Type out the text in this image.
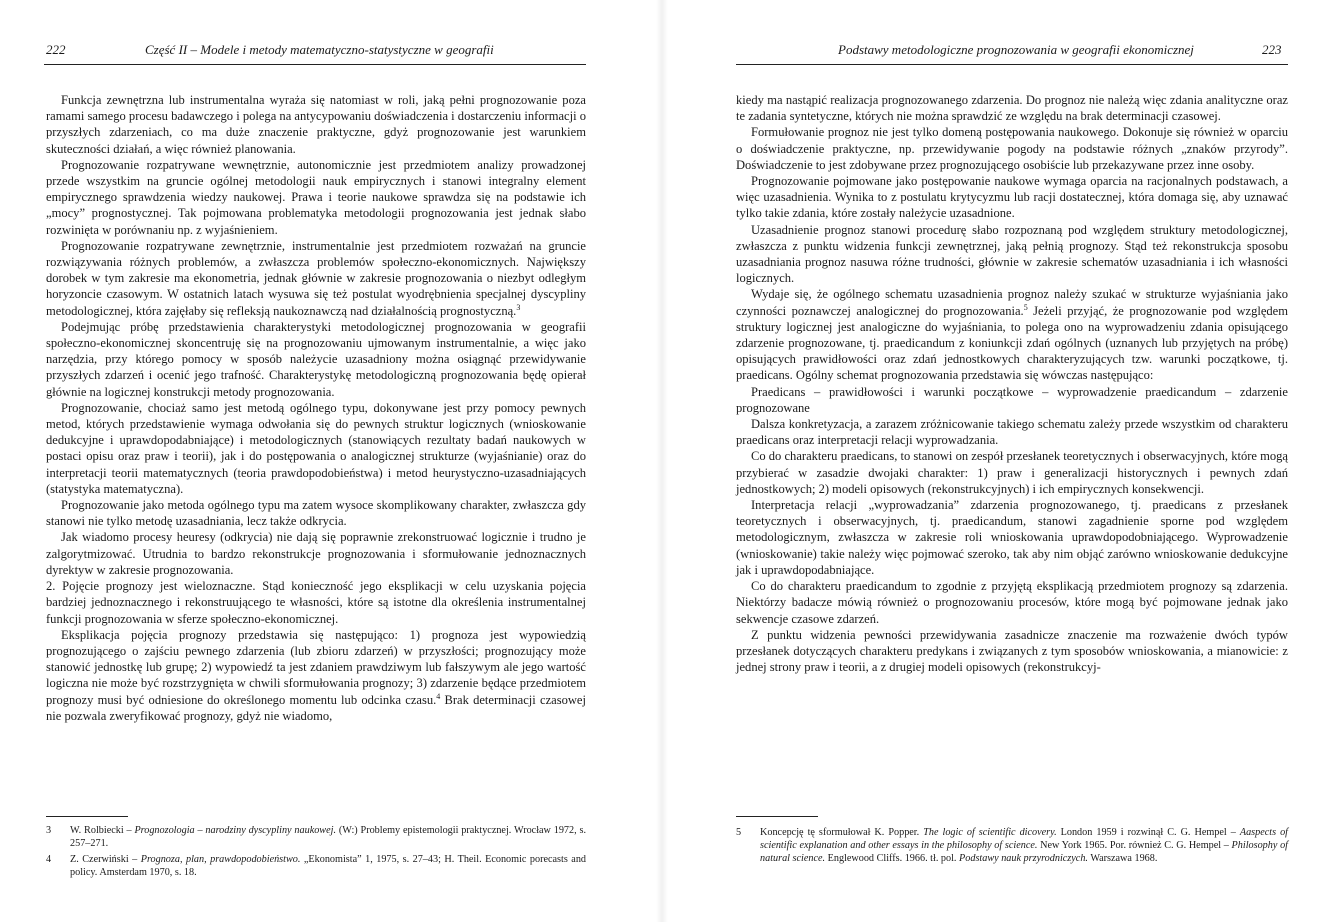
222	Część II – Modele i metody matematyczno-statystyczne w geografii

Funkcja zewnętrzna lub instrumentalna wyraża się natomiast w roli, jaką pełni prognozowanie poza ramami samego procesu badawczego i polega na antycypowaniu doświadczenia i dostarczeniu informacji o przyszłych zdarzeniach, co ma duże znaczenie praktyczne, gdyż prognozowanie jest warunkiem skuteczności działań, a więc również planowania.

Prognozowanie rozpatrywane wewnętrznie, autonomicznie jest przedmiotem analizy prowadzonej przede wszystkim na gruncie ogólnej metodologii nauk empirycznych i stanowi integralny element empirycznego sprawdzenia wiedzy naukowej. Prawa i teorie naukowe sprawdza się na podstawie ich „mocy” prognostycznej. Tak pojmowana problematyka metodologii prognozowania jest jednak słabo rozwinięta w porównaniu np. z wyjaśnieniem.

Prognozowanie rozpatrywane zewnętrznie, instrumentalnie jest przedmiotem rozważań na gruncie rozwiązywania różnych problemów, a zwłaszcza problemów społeczno-ekonomicznych. Największy dorobek w tym zakresie ma ekonometria, jednak głównie w zakresie prognozowania o niezbyt odległym horyzoncie czasowym. W ostatnich latach wysuwa się też postulat wyodrębnienia specjalnej dyscypliny metodologicznej, która zajęłaby się refleksją naukoznawczą nad działalnością prognostyczną.$^3$

Podejmując próbę przedstawienia charakterystyki metodologicznej prognozowania w geografii społeczno-ekonomicznej skoncentruję się na prognozowaniu ujmowanym instrumentalnie, a więc jako narzędzia, przy którego pomocy w sposób należycie uzasadniony można osiągnąć przewidywanie przyszłych zdarzeń i ocenić jego trafność. Charakterystykę metodologiczną prognozowania będę opierał głównie na logicznej konstrukcji metody prognozowania.

Prognozowanie, chociaż samo jest metodą ogólnego typu, dokonywane jest przy pomocy pewnych metod, których przedstawienie wymaga odwołania się do pewnych struktur logicznych (wnioskowanie dedukcyjne i uprawdopodabniające) i metodologicznych (stanowiących rezultaty badań naukowych w postaci opisu oraz praw i teorii), jak i do postępowania o analogicznej strukturze (wyjaśnianie) oraz do interpretacji teorii matematycznych (teoria prawdopodobieństwa) i metod heurystyczno-uzasadniających (statystyka matematyczna).

Prognozowanie jako metoda ogólnego typu ma zatem wysoce skomplikowany charakter, zwłaszcza gdy stanowi nie tylko metodę uzasadniania, lecz także odkrycia.

Jak wiadomo procesy heuresy (odkrycia) nie dają się poprawnie zrekonstruować logicznie i trudno je zalgorytmizować. Utrudnia to bardzo rekonstrukcje prognozowania i sformułowanie jednoznacznych dyrektyw w zakresie prognozowania.

2. Pojęcie prognozy jest wieloznaczne. Stąd konieczność jego eksplikacji w celu uzyskania pojęcia bardziej jednoznacznego i rekonstruującego te własności, które są istotne dla określenia instrumentalnej funkcji prognozowania w sferze społeczno-ekonomicznej.

Eksplikacja pojęcia prognozy przedstawia się następująco: 1) prognoza jest wypowiedzią prognozującego o zajściu pewnego zdarzenia (lub zbioru zdarzeń) w przyszłości; prognozujący może stanowić jednostkę lub grupę; 2) wypowiedź ta jest zdaniem prawdziwym lub fałszywym ale jego wartość logiczna nie może być rozstrzygnięta w chwili sformułowania prognozy; 3) zdarzenie będące przedmiotem prognozy musi być odniesione do określonego momentu lub odcinka czasu.$^4$ Brak determinacji czasowej nie pozwala zweryfikować prognozy, gdyż nie wiadomo,

3 W. Rolbiecki – Prognozologia – narodziny dyscypliny naukowej. (W:) Problemy epistemologii praktycznej. Wrocław 1972, s. 257–271.

4 Z. Czerwiński – Prognoza, plan, prawdopodobieństwo. „Ekonomista” 1, 1975, s. 27–43; H. Theil. Economic porecasts and policy. Amsterdam 1970, s. 18.

Podstawy metodologiczne prognozowania w geografii ekonomicznej	223

kiedy ma nastąpić realizacja prognozowanego zdarzenia. Do prognoz nie należą więc zdania analityczne oraz te zadania syntetyczne, których nie można sprawdzić ze względu na brak determinacji czasowej.

Formułowanie prognoz nie jest tylko domeną postępowania naukowego. Dokonuje się również w oparciu o doświadczenie praktyczne, np. przewidywanie pogody na podstawie różnych „znaków przyrody”. Doświadczenie to jest zdobywane przez prognozującego osobiście lub przekazywane przez inne osoby.

Prognozowanie pojmowane jako postępowanie naukowe wymaga oparcia na racjonalnych podstawach, a więc uzasadnienia. Wynika to z postulatu krytycyzmu lub racji dostatecznej, która domaga się, aby uznawać tylko takie zdania, które zostały należycie uzasadnione.

Uzasadnienie prognoz stanowi procedurę słabo rozpoznaną pod względem struktury metodologicznej, zwłaszcza z punktu widzenia funkcji zewnętrznej, jaką pełnią prognozy. Stąd też rekonstrukcja sposobu uzasadniania prognoz nasuwa różne trudności, głównie w zakresie schematów uzasadniania i ich własności logicznych.

Wydaje się, że ogólnego schematu uzasadnienia prognoz należy szukać w strukturze wyjaśniania jako czynności poznawczej analogicznej do prognozowania.$^5$ Jeżeli przyjąć, że prognozowanie pod względem struktury logicznej jest analogiczne do wyjaśniania, to polega ono na wyprowadzeniu zdania opisującego zdarzenie prognozowane, tj. praedicandum z koniunkcji zdań ogólnych (uznanych lub przyjętych na próbę) opisujących prawidłowości oraz zdań jednostkowych charakteryzujących tzw. warunki początkowe, tj. praedicans. Ogólny schemat prognozowania przedstawia się wówczas następująco:

Praedicans – prawidłowości i warunki początkowe – wyprowadzenie praedicandum – zdarzenie prognozowane

Dalsza konkretyzacja, a zarazem zróżnicowanie takiego schematu zależy przede wszystkim od charakteru praedicans oraz interpretacji relacji wyprowadzania.

Co do charakteru praedicans, to stanowi on zespół przesłanek teoretycznych i obserwacyjnych, które mogą przybierać w zasadzie dwojaki charakter: 1) praw i generalizacji historycznych i pewnych zdań jednostkowych; 2) modeli opisowych (rekonstrukcyjnych) i ich empirycznych konsekwencji.

Interpretacja relacji „wyprowadzania” zdarzenia prognozowanego, tj. praedicans z przesłanek teoretycznych i obserwacyjnych, tj. praedicandum, stanowi zagadnienie sporne pod względem metodologicznym, zwłaszcza w zakresie roli wnioskowania uprawdopodobniającego. Wyprowadzenie (wnioskowanie) takie należy więc pojmować szeroko, tak aby nim objąć zarówno wnioskowanie dedukcyjne jak i uprawdopodabniające.

Co do charakteru praedicandum to zgodnie z przyjętą eksplikacją przedmiotem prognozy są zdarzenia. Niektórzy badacze mówią również o prognozowaniu procesów, które mogą być pojmowane jednak jako sekwencje czasowe zdarzeń.

Z punktu widzenia pewności przewidywania zasadnicze znaczenie ma rozważenie dwóch typów przesłanek dotyczących charakteru predykans i związanych z tym sposobów wnioskowania, a mianowicie: z jednej strony praw i teorii, a z drugiej modeli opisowych (rekonstrukcyj-

5 Koncepcję tę sformułował K. Popper. The logic of scientific dicovery. London 1959 i rozwinął C. G. Hempel – Aaspects of scientific explanation and other essays in the philosophy of science. New York 1965. Por. również C. G. Hempel – Philosophy of natural science. Englewood Cliffs. 1966. tł. pol. Podstawy nauk przyrodniczych. Warszawa 1968.
